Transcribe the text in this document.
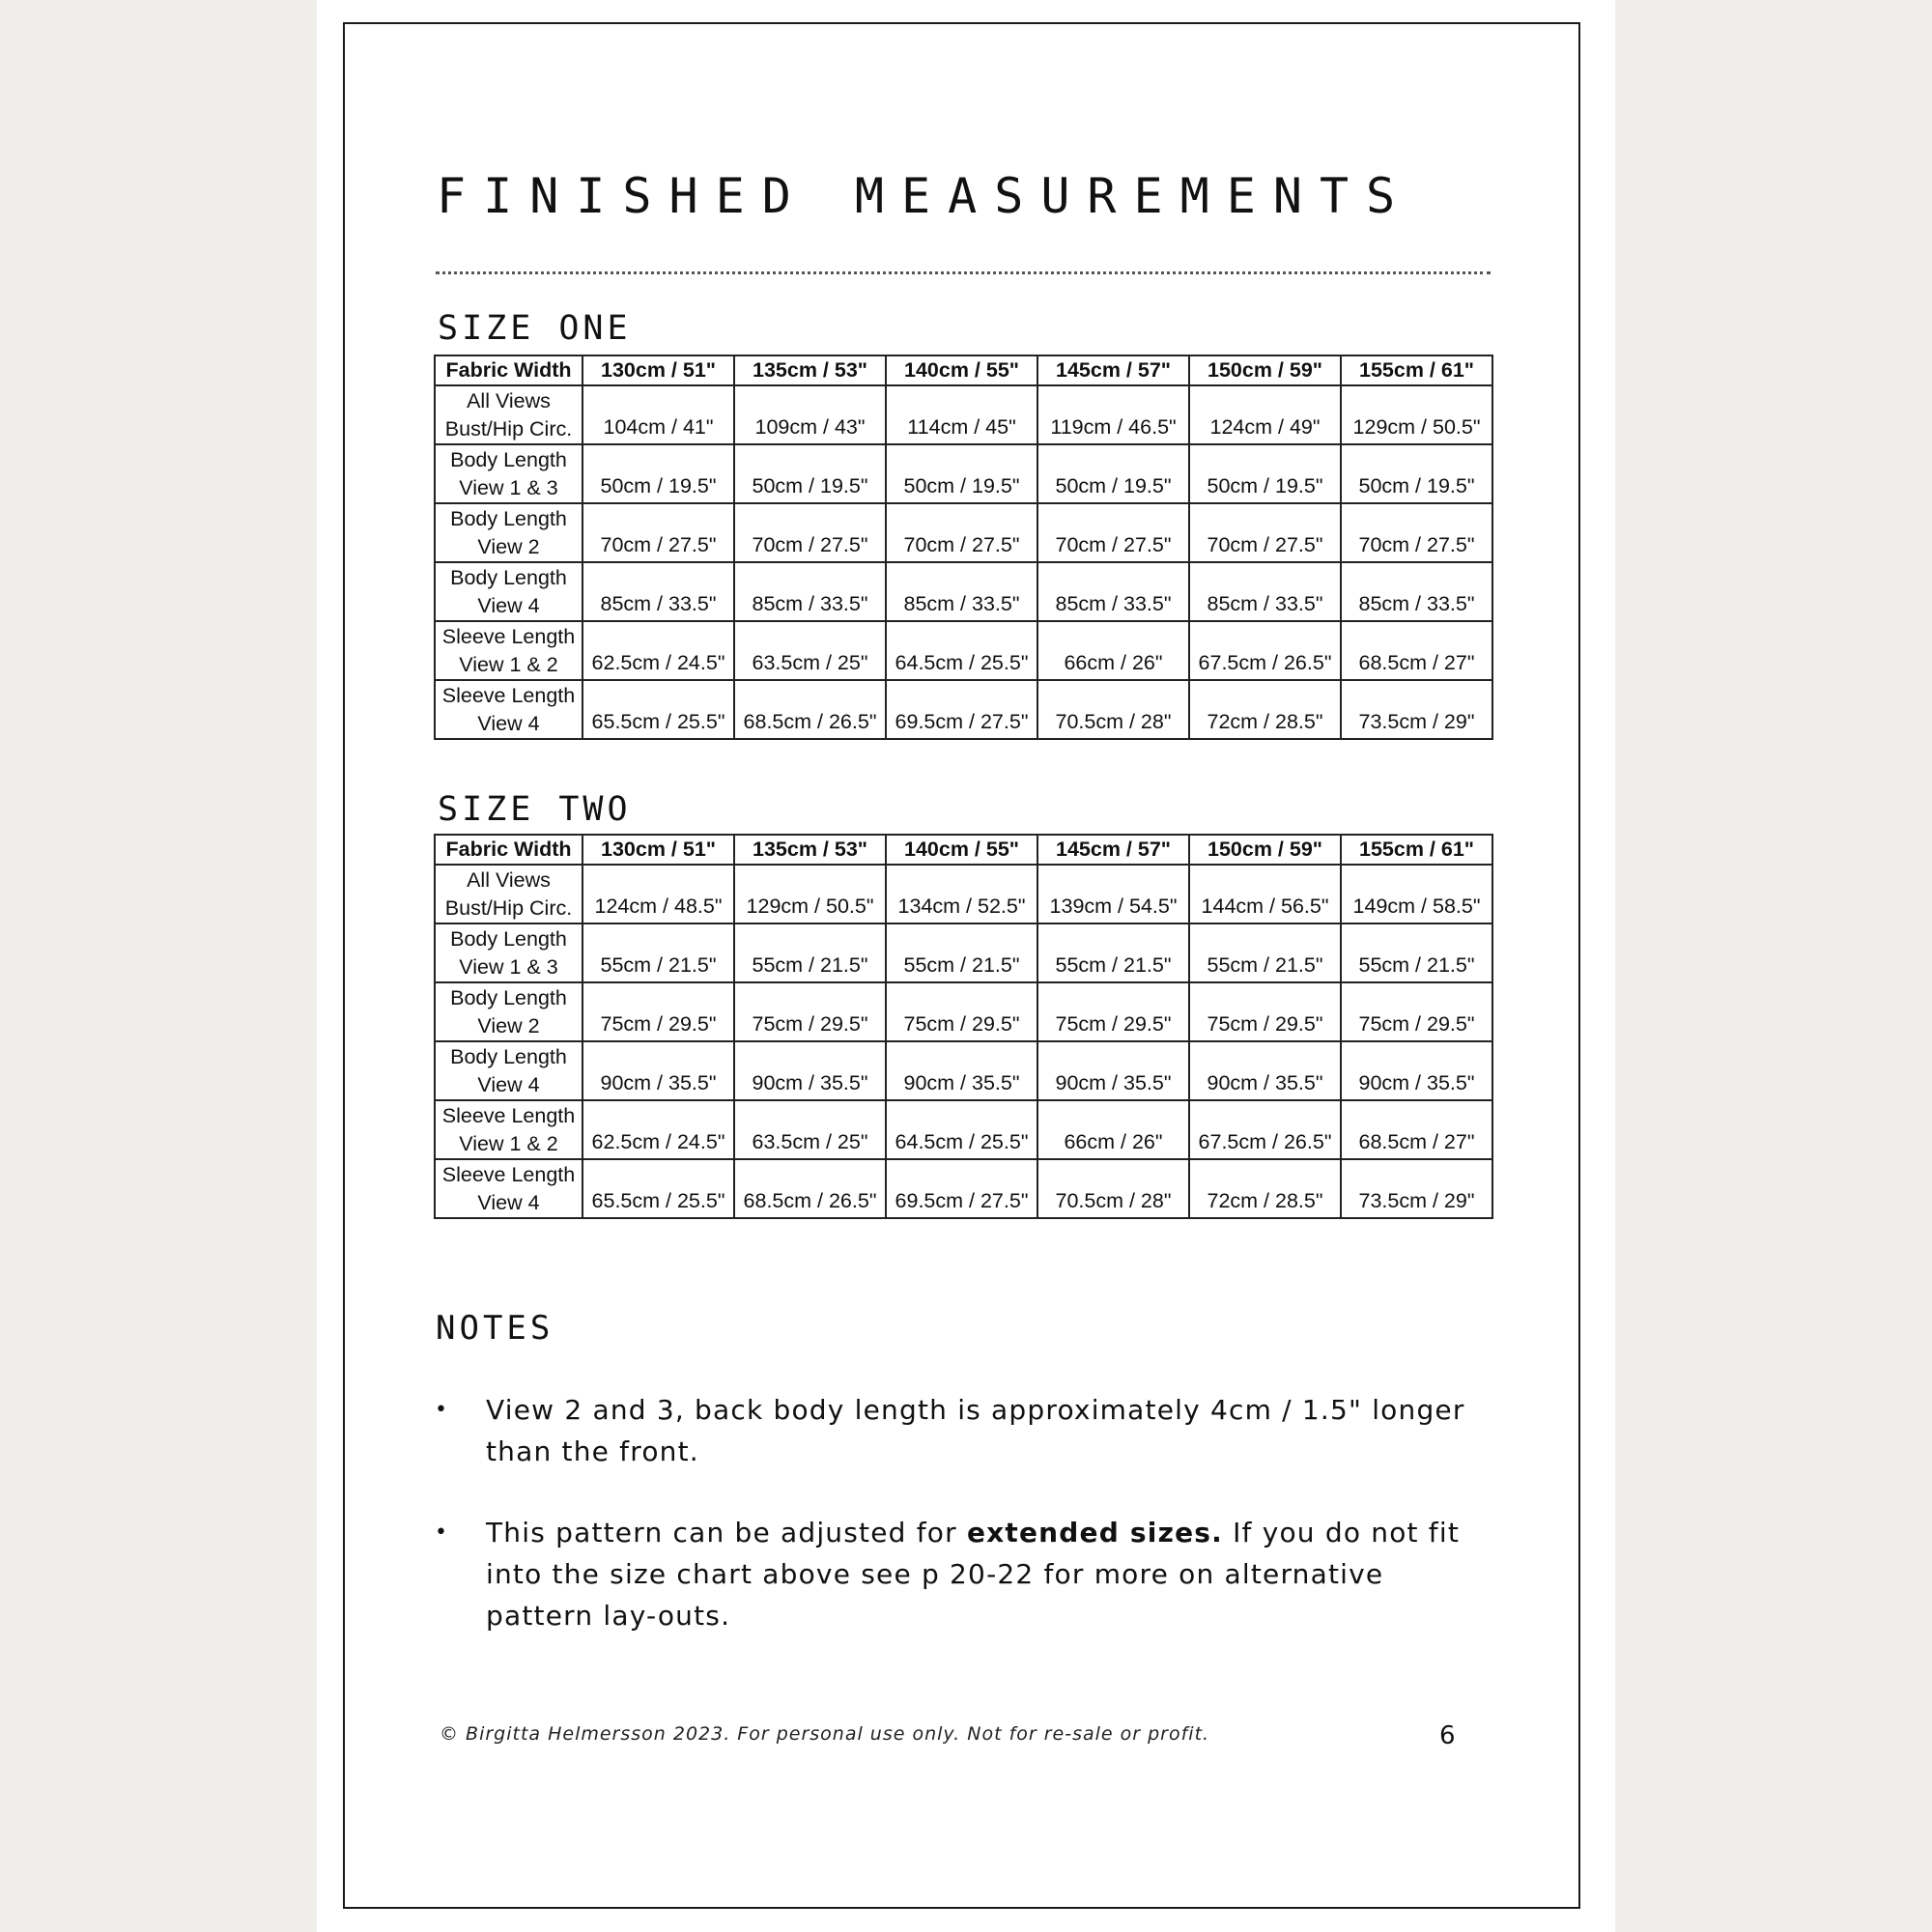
FINISHED MEASUREMENTS
SIZE ONE
Fabric Width	130cm / 51"	135cm / 53"	140cm / 55"	145cm / 57"	150cm / 59"	155cm / 61"

All Views
Bust/Hip Circ.	104cm / 41"	109cm / 43"	114cm / 45"	119cm / 46.5"	124cm / 49"	129cm / 50.5"

Body Length
View 1 & 3	50cm / 19.5"	50cm / 19.5"	50cm / 19.5"	50cm / 19.5"	50cm / 19.5"	50cm / 19.5"

Body Length
View 2	70cm / 27.5"	70cm / 27.5"	70cm / 27.5"	70cm / 27.5"	70cm / 27.5"	70cm / 27.5"

Body Length
View 4	85cm / 33.5"	85cm / 33.5"	85cm / 33.5"	85cm / 33.5"	85cm / 33.5"	85cm / 33.5"

Sleeve Length
View 1 & 2	62.5cm / 24.5"	63.5cm / 25"	64.5cm / 25.5"	66cm / 26"	67.5cm / 26.5"	68.5cm / 27"

Sleeve Length
View 4	65.5cm / 25.5"	68.5cm / 26.5"	69.5cm / 27.5"	70.5cm / 28"	72cm / 28.5"	73.5cm / 29"
SIZE TWO
Fabric Width	130cm / 51"	135cm / 53"	140cm / 55"	145cm / 57"	150cm / 59"	155cm / 61"

All Views
Bust/Hip Circ.	124cm / 48.5"	129cm / 50.5"	134cm / 52.5"	139cm / 54.5"	144cm / 56.5"	149cm / 58.5"

Body Length
View 1 & 3	55cm / 21.5"	55cm / 21.5"	55cm / 21.5"	55cm / 21.5"	55cm / 21.5"	55cm / 21.5"

Body Length
View 2	75cm / 29.5"	75cm / 29.5"	75cm / 29.5"	75cm / 29.5"	75cm / 29.5"	75cm / 29.5"

Body Length
View 4	90cm / 35.5"	90cm / 35.5"	90cm / 35.5"	90cm / 35.5"	90cm / 35.5"	90cm / 35.5"

Sleeve Length
View 1 & 2	62.5cm / 24.5"	63.5cm / 25"	64.5cm / 25.5"	66cm / 26"	67.5cm / 26.5"	68.5cm / 27"

Sleeve Length
View 4	65.5cm / 25.5"	68.5cm / 26.5"	69.5cm / 27.5"	70.5cm / 28"	72cm / 28.5"	73.5cm / 29"
NOTES
• View 2 and 3, back body length is approximately 4cm / 1.5" longer than the front.
• This pattern can be adjusted for extended sizes. If you do not fit into the size chart above see p 20-22 for more on alternative pattern lay-outs.
© Birgitta Helmersson 2023. For personal use only. Not for re-sale or profit.	6
